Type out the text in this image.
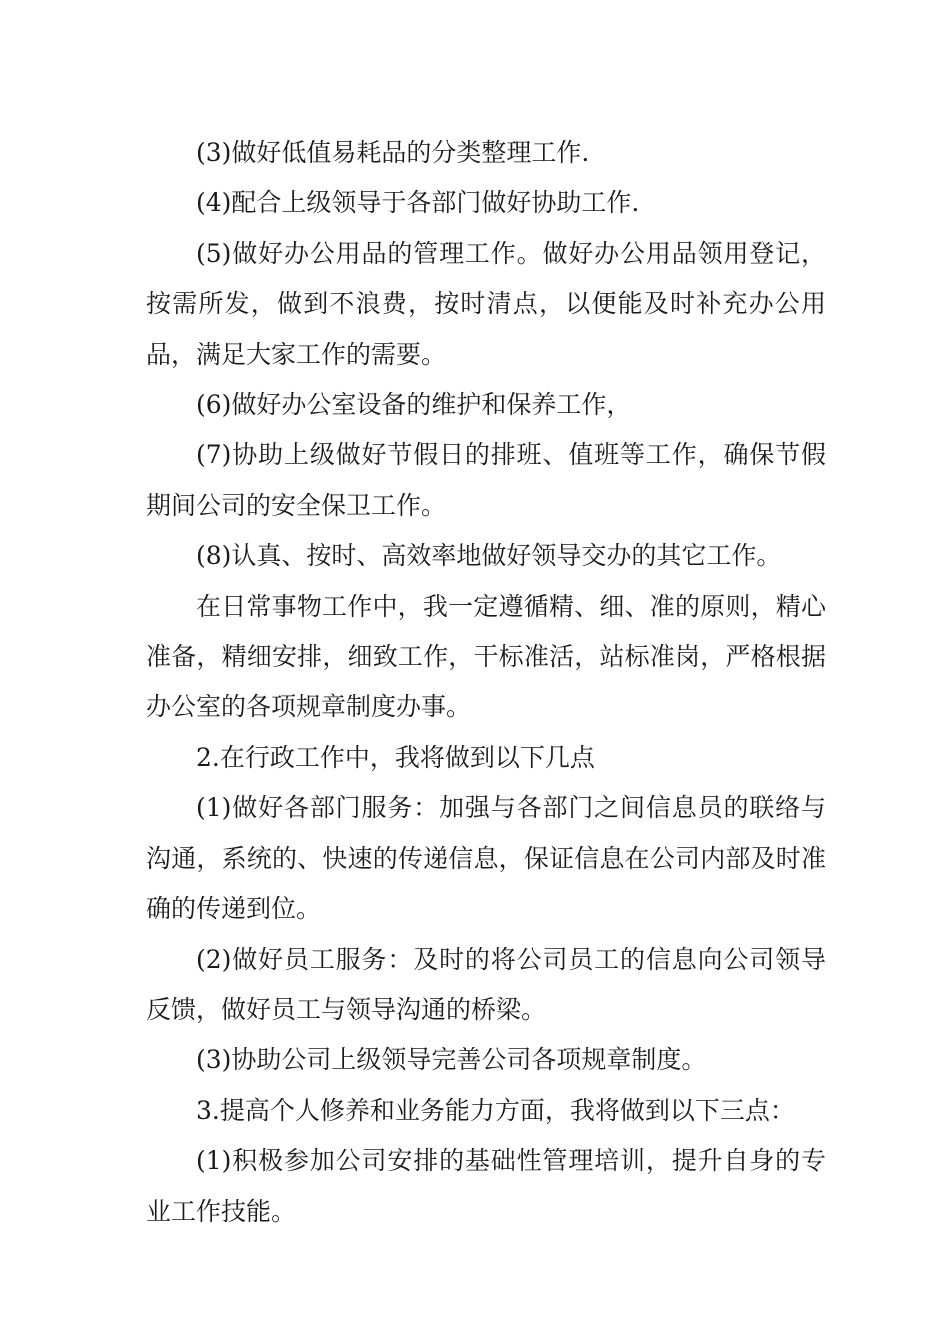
(3)做好低值易耗品的分类整理工作.

(4)配合上级领导于各部门做好协助工作.

(5)做好办公用品的管理工作。做好办公用品领用登记，按需所发，做到不浪费，按时清点，以便能及时补充办公用品，满足大家工作的需要。

(6)做好办公室设备的维护和保养工作，

(7)协助上级做好节假日的排班、值班等工作，确保节假期间公司的安全保卫工作。

(8)认真、按时、高效率地做好领导交办的其它工作。

在日常事物工作中，我一定遵循精、细、准的原则，精心准备，精细安排，细致工作，干标准活，站标准岗，严格根据办公室的各项规章制度办事。

2.在行政工作中，我将做到以下几点

(1)做好各部门服务：加强与各部门之间信息员的联络与沟通，系统的、快速的传递信息，保证信息在公司内部及时准确的传递到位。

(2)做好员工服务：及时的将公司员工的信息向公司领导反馈，做好员工与领导沟通的桥梁。

(3)协助公司上级领导完善公司各项规章制度。

3.提高个人修养和业务能力方面，我将做到以下三点：

(1)积极参加公司安排的基础性管理培训，提升自身的专业工作技能。
